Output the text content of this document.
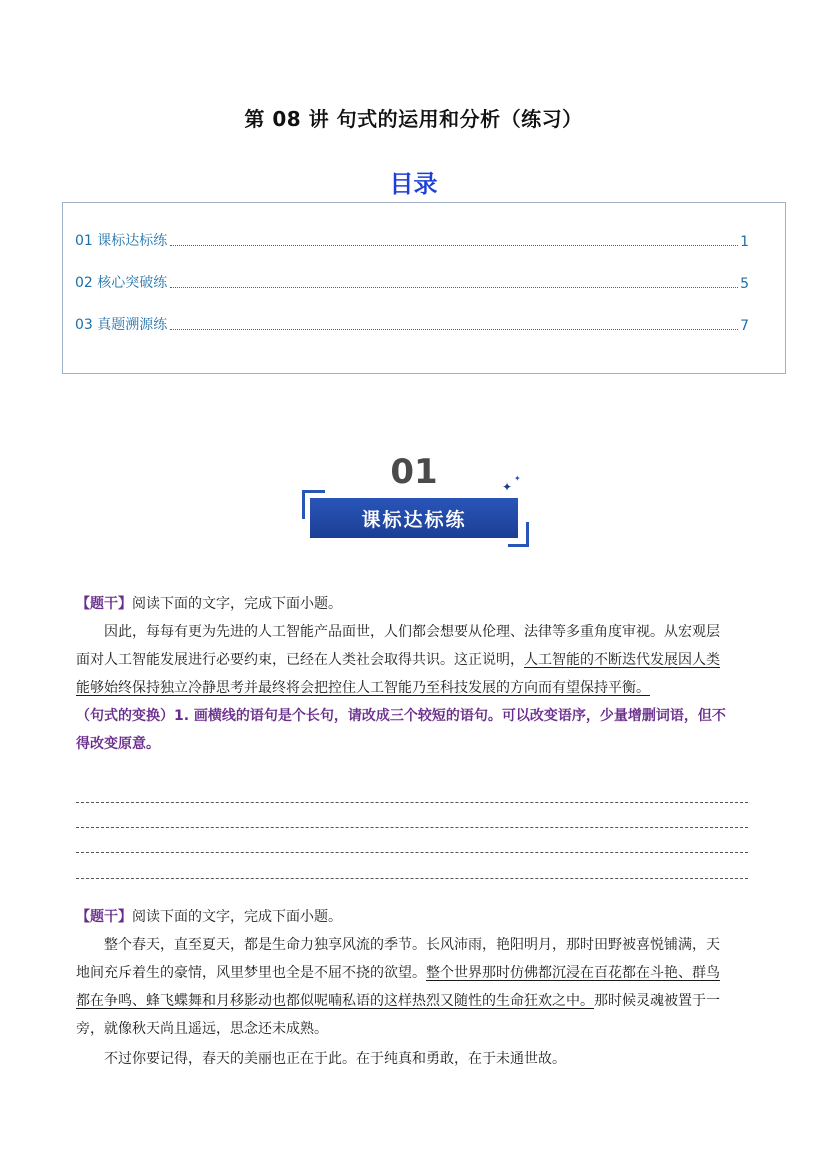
第 08 讲 句式的运用和分析（练习）
目录
01 课标达标练	1
02 核心突破练	5
03 真题溯源练	7
01
课标达标练
✦
✦
【题干】阅读下面的文字，完成下面小题。
因此，每每有更为先进的人工智能产品面世，人们都会想要从伦理、法律等多重角度审视。从宏观层
面对人工智能发展进行必要约束，已经在人类社会取得共识。这正说明，人工智能的不断迭代发展因人类
能够始终保持独立冷静思考并最终将会把控住人工智能乃至科技发展的方向而有望保持平衡。
（句式的变换）1. 画横线的语句是个长句，请改成三个较短的语句。可以改变语序，少量增删词语，但不
得改变原意。
【题干】阅读下面的文字，完成下面小题。
整个春天，直至夏天，都是生命力独享风流的季节。长风沛雨，艳阳明月，那时田野被喜悦铺满，天
地间充斥着生的豪情，风里梦里也全是不屈不挠的欲望。整个世界那时仿佛都沉浸在百花都在斗艳、群鸟
都在争鸣、蜂飞蝶舞和月移影动也都似呢喃私语的这样热烈又随性的生命狂欢之中。那时候灵魂被置于一
旁，就像秋天尚且遥远，思念还未成熟。
不过你要记得，春天的美丽也正在于此。在于纯真和勇敢，在于未通世故。
